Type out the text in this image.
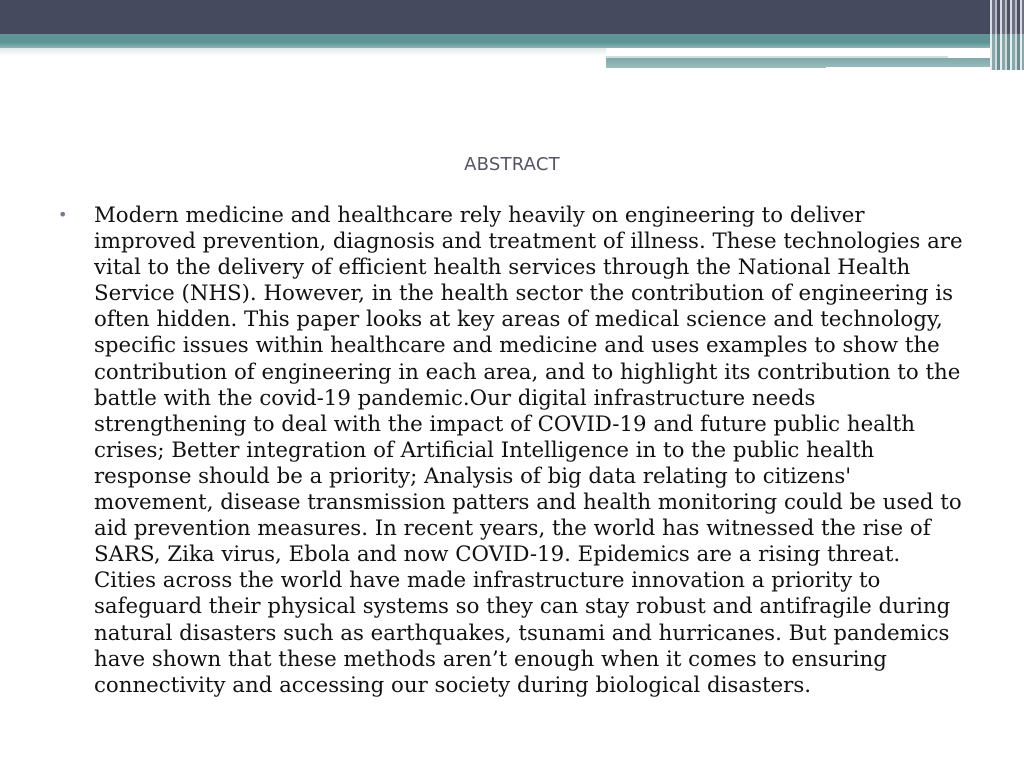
ABSTRACT
• Modern medicine and healthcare rely heavily on engineering to deliver improved prevention, diagnosis and treatment of illness. These technologies are vital to the delivery of efficient health services through the National Health Service (NHS). However, in the health sector the contribution of engineering is often hidden. This paper looks at key areas of medical science and technology, specific issues within healthcare and medicine and uses examples to show the contribution of engineering in each area, and to highlight its contribution to the battle with the covid-19 pandemic.Our digital infrastructure needs strengthening to deal with the impact of COVID-19 and future public health crises; Better integration of Artificial Intelligence in to the public health response should be a priority; Analysis of big data relating to citizens' movement, disease transmission patters and health monitoring could be used to aid prevention measures. In recent years, the world has witnessed the rise of SARS, Zika virus, Ebola and now COVID-19. Epidemics are a rising threat. Cities across the world have made infrastructure innovation a priority to safeguard their physical systems so they can stay robust and antifragile during natural disasters such as earthquakes, tsunami and hurricanes. But pandemics have shown that these methods aren’t enough when it comes to ensuring connectivity and accessing our society during biological disasters.
